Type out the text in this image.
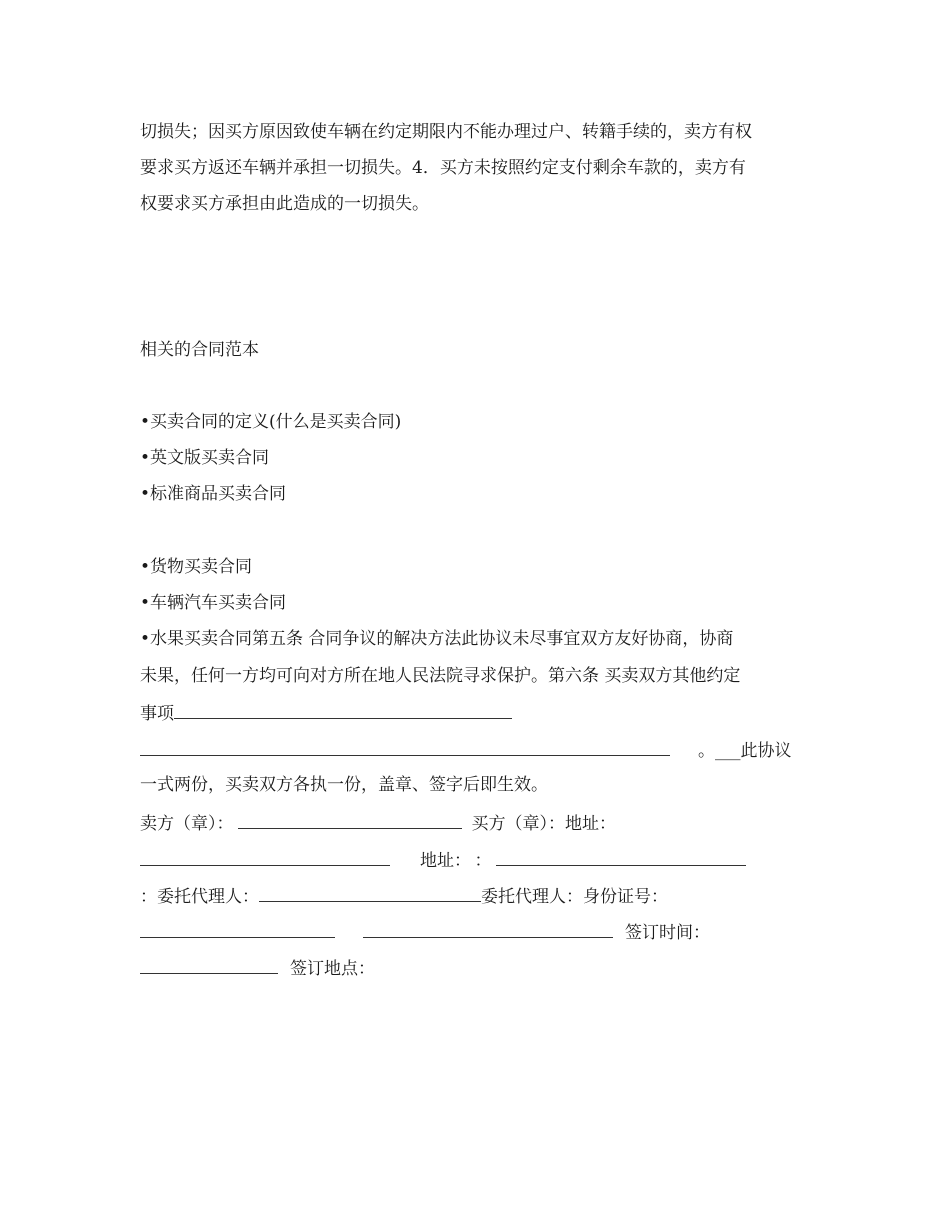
切损失；因买方原因致使车辆在约定期限内不能办理过户、转籍手续的，卖方有权
要求买方返还车辆并承担一切损失。4．买方未按照约定支付剩余车款的，卖方有
权要求买方承担由此造成的一切损失。
相关的合同范本
•买卖合同的定义(什么是买卖合同)
•英文版买卖合同
•标准商品买卖合同
•货物买卖合同
•车辆汽车买卖合同
•水果买卖合同第五条 合同争议的解决方法此协议未尽事宜双方友好协商，协商
未果，任何一方均可向对方所在地人民法院寻求保护。第六条 买卖双方其他约定
事项
。___此协议
一式两份，买卖双方各执一份，盖章、签字后即生效。
卖方（章）：	买方（章）：地址：
地址： ：
：委托代理人：	委托代理人：身份证号：
签订时间：
签订地点：
